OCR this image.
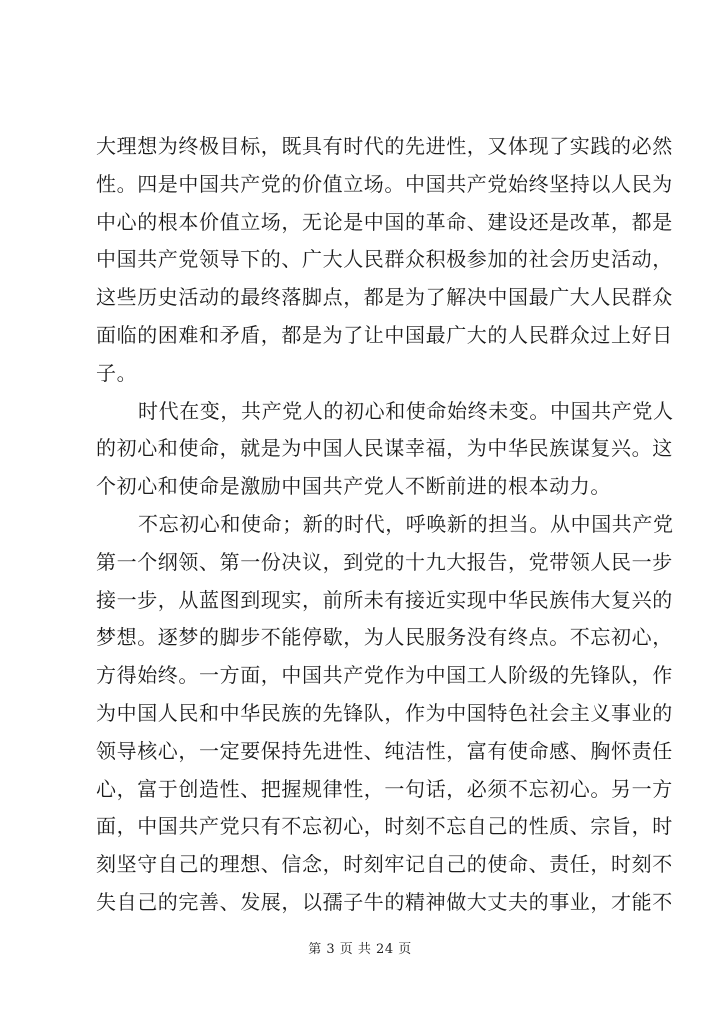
大理想为终极目标，既具有时代的先进性，又体现了实践的必然
性。四是中国共产党的价值立场。中国共产党始终坚持以人民为
中心的根本价值立场，无论是中国的革命、建设还是改革，都是
中国共产党领导下的、广大人民群众积极参加的社会历史活动，
这些历史活动的最终落脚点，都是为了解决中国最广大人民群众
面临的困难和矛盾，都是为了让中国最广大的人民群众过上好日
子。
时代在变，共产党人的初心和使命始终未变。中国共产党人
的初心和使命，就是为中国人民谋幸福，为中华民族谋复兴。这
个初心和使命是激励中国共产党人不断前进的根本动力。
不忘初心和使命；新的时代，呼唤新的担当。从中国共产党
第一个纲领、第一份决议，到党的十九大报告，党带领人民一步
接一步，从蓝图到现实，前所未有接近实现中华民族伟大复兴的
梦想。逐梦的脚步不能停歇，为人民服务没有终点。不忘初心，
方得始终。一方面，中国共产党作为中国工人阶级的先锋队，作
为中国人民和中华民族的先锋队，作为中国特色社会主义事业的
领导核心，一定要保持先进性、纯洁性，富有使命感、胸怀责任
心，富于创造性、把握规律性，一句话，必须不忘初心。另一方
面，中国共产党只有不忘初心，时刻不忘自己的性质、宗旨，时
刻坚守自己的理想、信念，时刻牢记自己的使命、责任，时刻不
失自己的完善、发展，以孺子牛的精神做大丈夫的事业，才能不
第 3 页 共 24 页
